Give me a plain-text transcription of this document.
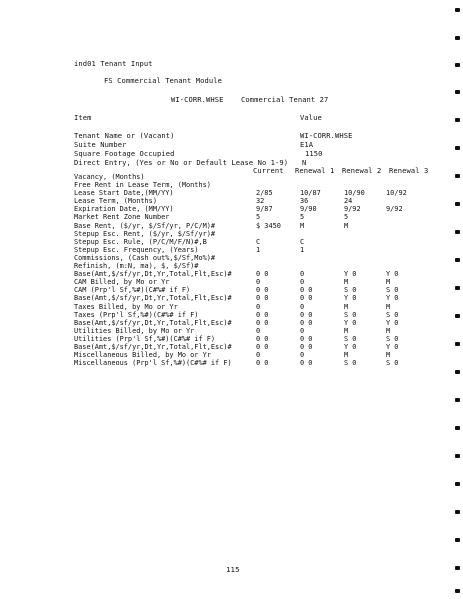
ind01 Tenant Input
FS Commercial Tenant Module
WI-CORR.WHSE Commercial Tenant 27
Item	Value
Tenant Name or (Vacant)	WI-CORR.WHSE
Suite Number	E1A
Square Footage Occupied	1150
Direct Entry, (Yes or No or Default Lease No 1-9) N
Current Renewal 1 Renewal 2 Renewal 3
Vacancy, (Months)
Free Rent in Lease Term, (Months)
Lease Start Date,(MM/YY)	2/85	10/87	10/90	10/92
Lease Term, (Months)	32	36	24
Expiration Date, (MM/YY)	9/87	9/90	9/92	9/92
Market Rent Zone Number	5	5	5
Base Rent, ($/yr, $/Sf/yr, P/C/M)#	$ 3450	M	M
Stepup Esc. Rent, ($/yr, $/Sf/yr)#
Stepup Esc. Rule, (P/C/M/F/N)#,B	C	C
Stepup Esc. Frequency, (Years)	1	1
Commissions, (Cash out%,$/Sf,Mo%)#
Refinish, (m:N, ma), $, $/Sf)#
Base(Amt,$/sf/yr,Dt,Yr,Total,Flt,Esc)#	0 0	0	Y 0	Y 0
CAM Billed, by Mo or Yr	0	0	M	M
CAM (Prp'l Sf,%#)(C#%# if F)	0 0	0 0	S 0	S 0
Base(Amt,$/sf/yr,Dt,Yr,Total,Flt,Esc)#	0 0	0 0	Y 0	Y 0
Taxes Billed, by Mo or Yr	0	0	M	M
Taxes (Prp'l Sf,%#)(C#%# if F)	0 0	0 0	S 0	S 0
Base(Amt,$/sf/yr,Dt,Yr,Total,Flt,Esc)#	0 0	0 0	Y 0	Y 0
Utilities Billed, by Mo or Yr	0	0	M	M
Utilities (Prp'l Sf,%#)(C#%# if F)	0 0	0 0	S 0	S 0
Base(Amt,$/sf/yr,Dt,Yr,Total,Flt,Esc)#	0 0	0 0	Y 0	Y 0
Miscellaneous Billed, by Mo or Yr	0	0	M	M
Miscellaneous (Prp'l Sf,%#)(C#%# if F)	0 0	0 0	S 0	S 0
115
